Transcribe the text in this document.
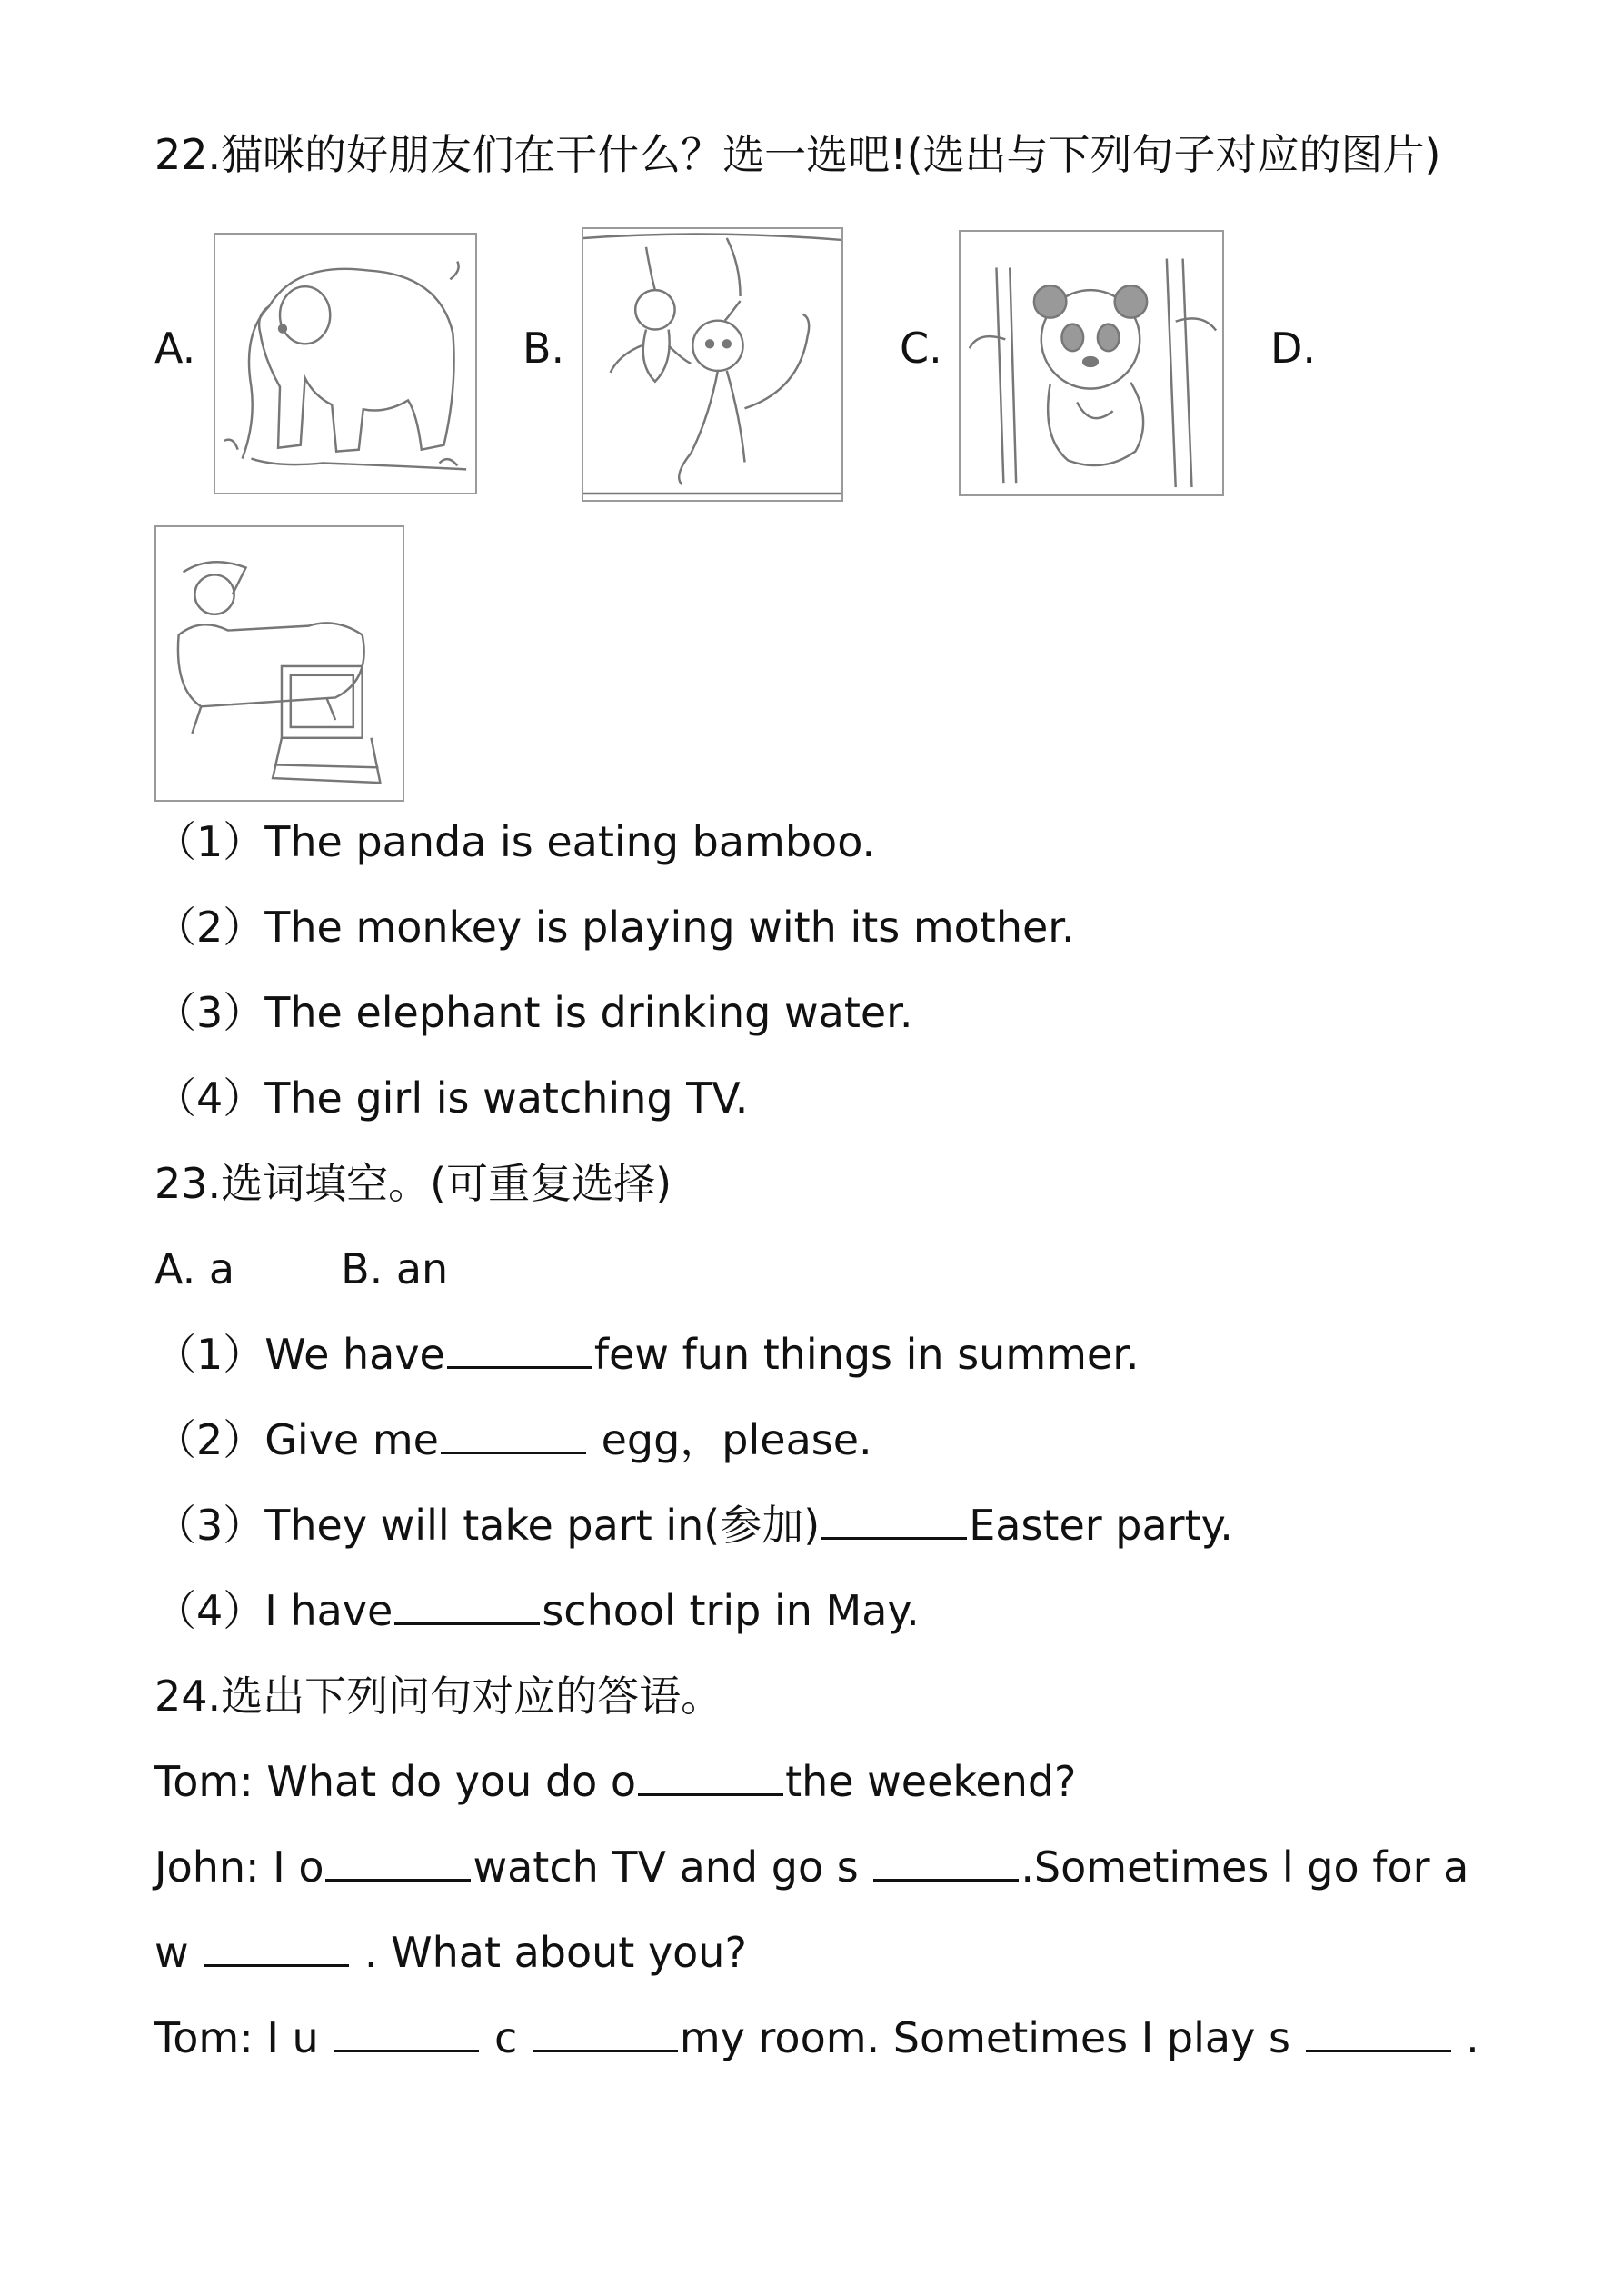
22.猫咪的好朋友们在干什么？选一选吧!(选出与下列句子对应的图片)
A.	B.	C.	D.
（1）The panda is eating bamboo.
（2）The monkey is playing with its mother.
（3）The elephant is drinking water.
（4）The girl is watching TV.
23.选词填空。(可重复选择)
A. a        B. an
（1）We have	few fun things in summer.
（2）Give me	egg，please.
（3）They will take part in(参加)	Easter party.
（4）I have	school trip in May.
24.选出下列问句对应的答语。
Tom: What do you do o	the weekend?
John: I o	watch TV and go s	.Sometimes l go for a
w	. What about you?
Tom: I u	c	my room. Sometimes I play s	.
